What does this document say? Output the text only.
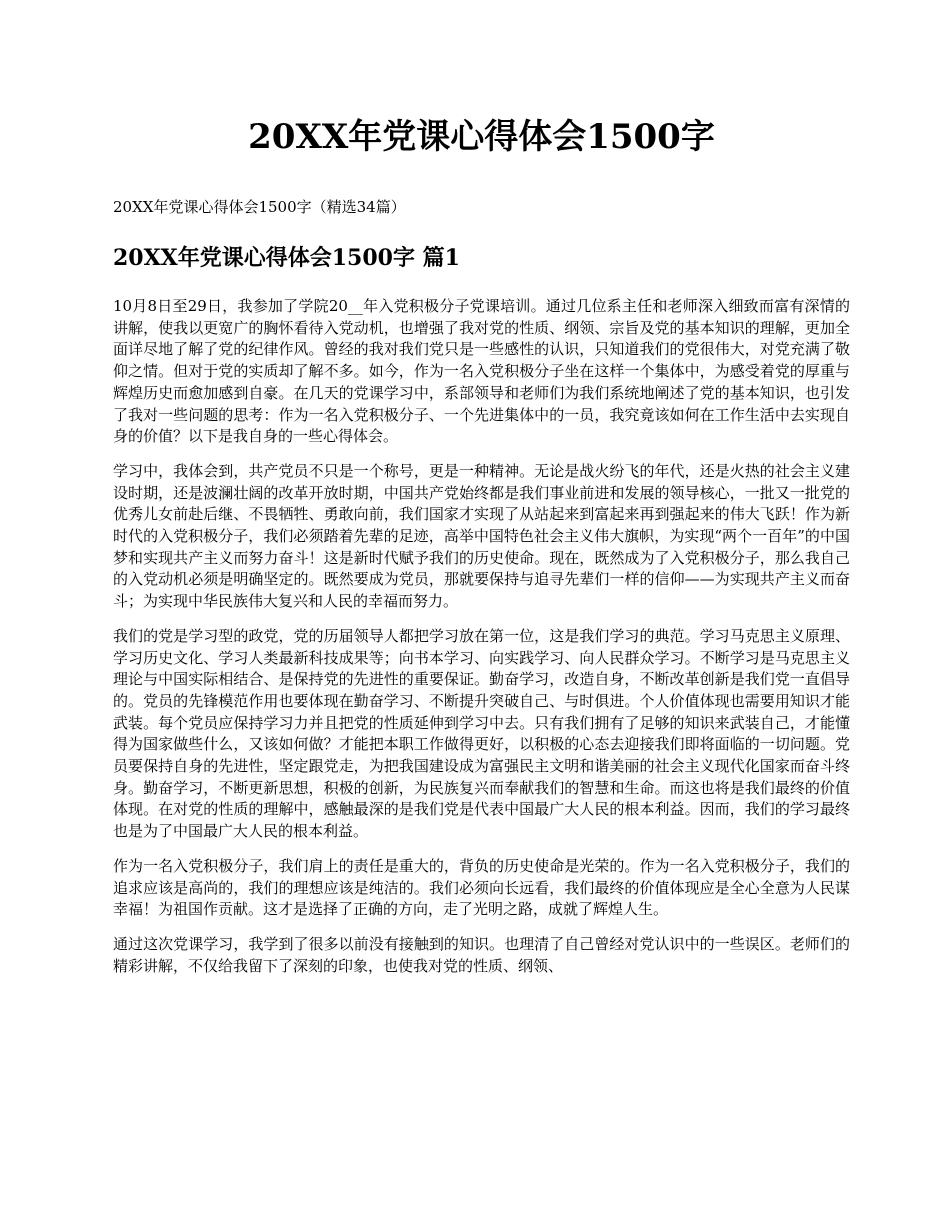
20XX年党课心得体会1500字

20XX年党课心得体会1500字（精选34篇）

20XX年党课心得体会1500字 篇1

10月8日至29日，我参加了学院20__年入党积极分子党课培训。通过几位系主任和老师深入细致而富有深情的讲解，使我以更宽广的胸怀看待入党动机，也增强了我对党的性质、纲领、宗旨及党的基本知识的理解，更加全面详尽地了解了党的纪律作风。曾经的我对我们党只是一些感性的认识，只知道我们的党很伟大，对党充满了敬仰之情。但对于党的实质却了解不多。如今，作为一名入党积极分子坐在这样一个集体中，为感受着党的厚重与辉煌历史而愈加感到自豪。在几天的党课学习中，系部领导和老师们为我们系统地阐述了党的基本知识，也引发了我对一些问题的思考：作为一名入党积极分子、一个先进集体中的一员，我究竟该如何在工作生活中去实现自身的价值？以下是我自身的一些心得体会。

学习中，我体会到，共产党员不只是一个称号，更是一种精神。无论是战火纷飞的年代，还是火热的社会主义建设时期，还是波澜壮阔的改革开放时期，中国共产党始终都是我们事业前进和发展的领导核心，一批又一批党的优秀儿女前赴后继、不畏牺牲、勇敢向前，我们国家才实现了从站起来到富起来再到强起来的伟大飞跃！作为新时代的入党积极分子，我们必须踏着先辈的足迹，高举中国特色社会主义伟大旗帜，为实现“两个一百年”的中国梦和实现共产主义而努力奋斗！这是新时代赋予我们的历史使命。现在，既然成为了入党积极分子，那么我自己的入党动机必须是明确坚定的。既然要成为党员，那就要保持与追寻先辈们一样的信仰——为实现共产主义而奋斗；为实现中华民族伟大复兴和人民的幸福而努力。

我们的党是学习型的政党，党的历届领导人都把学习放在第一位，这是我们学习的典范。学习马克思主义原理、学习历史文化、学习人类最新科技成果等；向书本学习、向实践学习、向人民群众学习。不断学习是马克思主义理论与中国实际相结合、是保持党的先进性的重要保证。勤奋学习，改造自身，不断改革创新是我们党一直倡导的。党员的先锋模范作用也要体现在勤奋学习、不断提升突破自己、与时俱进。个人价值体现也需要用知识才能武装。每个党员应保持学习力并且把党的性质延伸到学习中去。只有我们拥有了足够的知识来武装自己，才能懂得为国家做些什么，又该如何做？才能把本职工作做得更好，以积极的心态去迎接我们即将面临的一切问题。党员要保持自身的先进性，坚定跟党走，为把我国建设成为富强民主文明和谐美丽的社会主义现代化国家而奋斗终身。勤奋学习，不断更新思想，积极的创新，为民族复兴而奉献我们的智慧和生命。而这也将是我们最终的价值体现。在对党的性质的理解中，感触最深的是我们党是代表中国最广大人民的根本利益。因而，我们的学习最终也是为了中国最广大人民的根本利益。

作为一名入党积极分子，我们肩上的责任是重大的，背负的历史使命是光荣的。作为一名入党积极分子，我们的追求应该是高尚的，我们的理想应该是纯洁的。我们必须向长远看，我们最终的价值体现应是全心全意为人民谋幸福！为祖国作贡献。这才是选择了正确的方向，走了光明之路，成就了辉煌人生。

通过这次党课学习，我学到了很多以前没有接触到的知识。也理清了自己曾经对党认识中的一些误区。老师们的精彩讲解，不仅给我留下了深刻的印象，也使我对党的性质、纲领、
